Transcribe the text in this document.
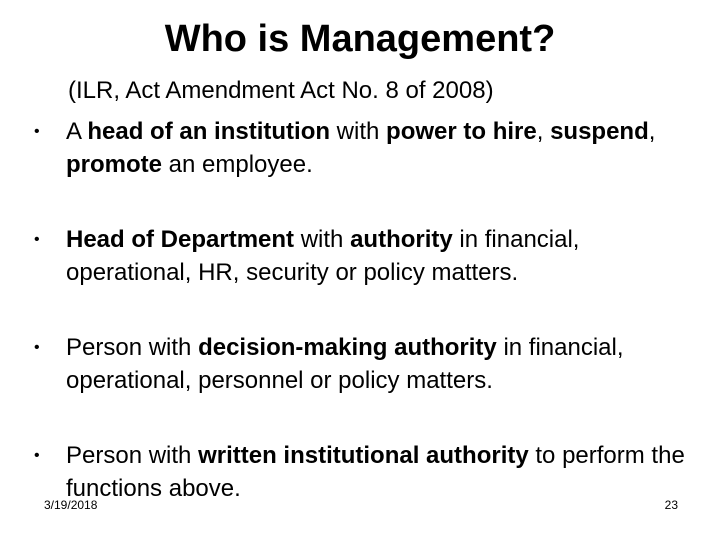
Who is Management?
(ILR, Act Amendment Act No. 8 of 2008)
•	A head of an institution with power to hire, suspend, promote an employee.
•	Head of Department with authority in financial, operational, HR, security or policy matters.
•	Person with decision-making authority in financial, operational, personnel or policy matters.
•	Person with written institutional authority to perform the functions above.
3/19/2018	23
